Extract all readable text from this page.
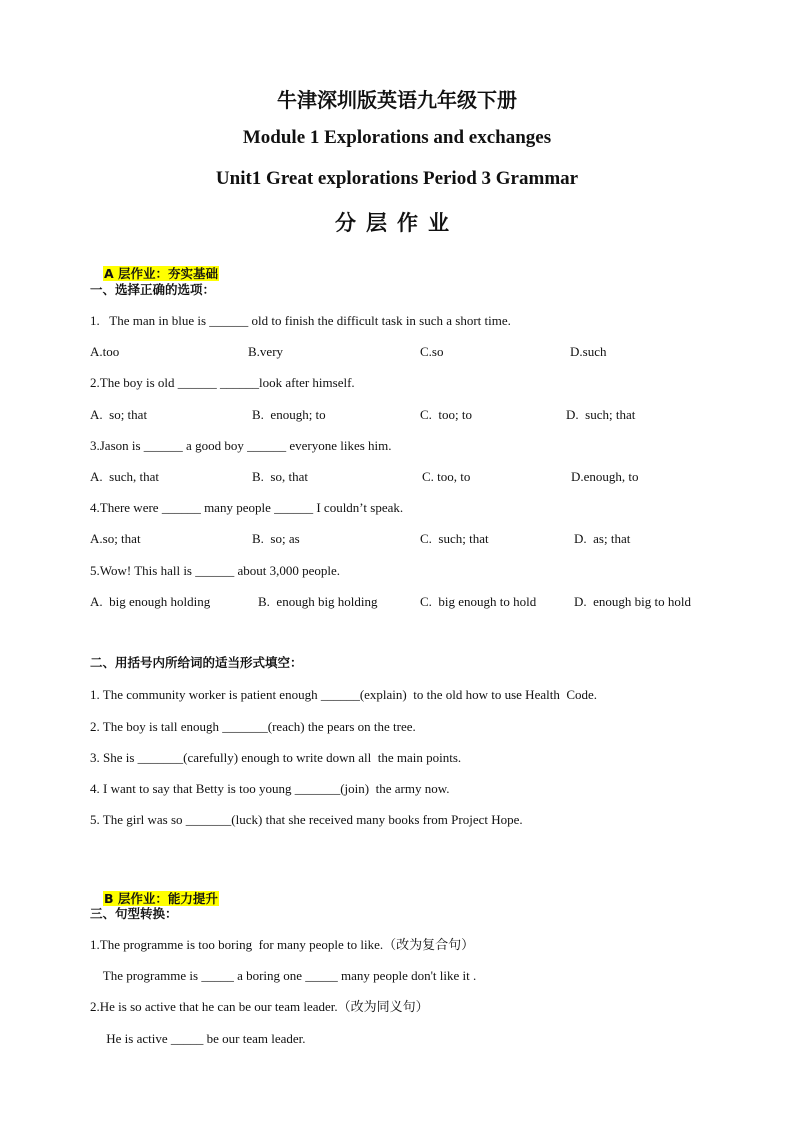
牛津深圳版英语九年级下册
Module 1 Explorations and exchanges
Unit1 Great explorations Period 3 Grammar
分层作业

A 层作业：夯实基础

一、选择正确的选项：
1.   The man in blue is ______ old to finish the difficult task in such a short time.
A.too	B.very	C.so	D.such
2.The boy is old ______ ______look after himself.
A.  so; that	B.  enough; to	C.  too; to	D.  such; that
3.Jason is ______ a good boy ______ everyone likes him.
A.  such, that	B.  so, that	C. too, to	D.enough, to
4.There were ______ many people ______ I couldn’t speak.
A.so; that	B.  so; as	C.  such; that	D.  as; that
5.Wow! This hall is ______ about 3,000 people.
A.  big enough holding	B.  enough big holding	C.  big enough to hold	D.  enough big to hold
二、用括号内所给词的适当形式填空：
1. The community worker is patient enough ______(explain)  to the old how to use Health  Code.
2. The boy is tall enough _______(reach) the pears on the tree.
3. She is _______(carefully) enough to write down all  the main points.
4. I want to say that Betty is too young _______(join)  the army now.
5. The girl was so _______(luck) that she received many books from Project Hope.

B 层作业：能力提升

三、句型转换：
1.The programme is too boring  for many people to like.（改为复合句）
The programme is _____ a boring one _____ many people don't like it .
2.He is so active that he can be our team leader.（改为同义句）
He is active _____ be our team leader.
